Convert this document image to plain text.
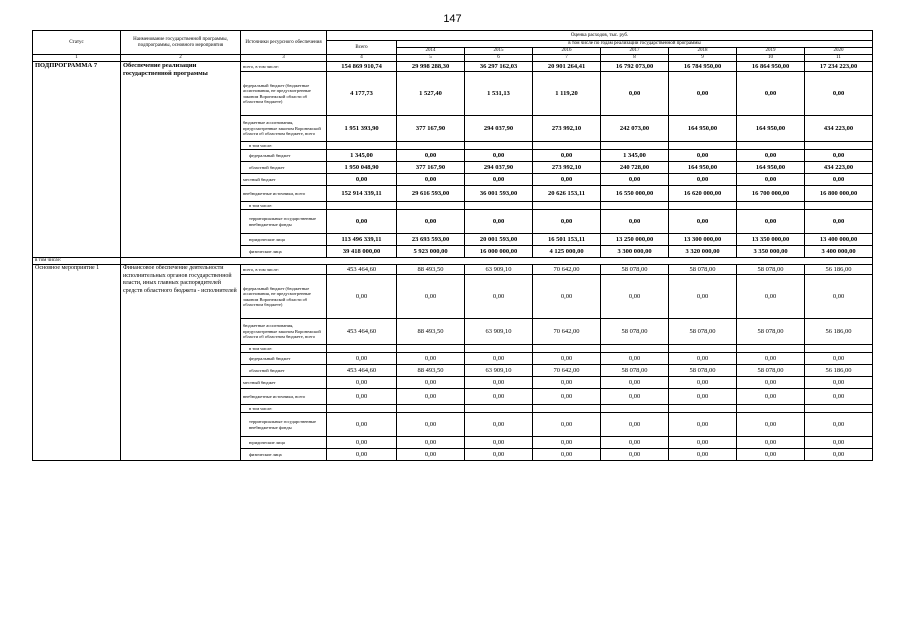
147
Статус	Наименование государственной программы, подпрограммы, основного мероприятия	Источники ресурсного обеспечения	Оценка расходов, тыс. руб.							
			Всего	в том числе по годам реализации государственной программы						
				2014	2015	2016	2017	2018	2019	2020
1	2	3	4	5	6	7	8	9	10	11
ПОДПРОГРАММА 7	Обеспечение реализации государственной программы	всего, в том числе:	154 869 910,74	29 998 288,30	36 297 162,03	20 901 264,41	16 792 073,00	16 784 950,00	16 864 950,00	17 234 223,00
		федеральный бюджет (бюджетные ассигнования, не предусмотренные законом Воронежской области об областном бюджете)	4 177,73	1 527,40	1 531,13	1 119,20	0,00	0,00	0,00	0,00
		бюджетные ассигнования, предусмотренные законом Воронежской области об областном бюджете, всего	1 951 393,90	377 167,90	294 037,90	273 992,10	242 073,00	164 950,00	164 950,00	434 223,00
		в том числе:								
		федеральный бюджет	1 345,00	0,00	0,00	0,00	1 345,00	0,00	0,00	0,00
		областной бюджет	1 950 048,90	377 167,90	294 037,90	273 992,10	240 728,00	164 950,00	164 950,00	434 223,00
		местный бюджет	0,00	0,00	0,00	0,00	0,00	0,00	0,00	0,00
		внебюджетные источники, всего	152 914 339,11	29 616 593,00	36 001 593,00	20 626 153,11	16 550 000,00	16 620 000,00	16 700 000,00	16 800 000,00
		в том числе:								
		территориальные государственные внебюджетные фонды	0,00	0,00	0,00	0,00	0,00	0,00	0,00	0,00
		юридические лица	113 496 339,11	23 693 593,00	20 001 593,00	16 501 153,11	13 250 000,00	13 300 000,00	13 350 000,00	13 400 000,00
		физические лица	39 418 000,00	5 923 000,00	16 000 000,00	4 125 000,00	3 300 000,00	3 320 000,00	3 350 000,00	3 400 000,00
в том числе:										
Основное мероприятие 1	Финансовое обеспечение деятельности исполнительных органов государственной власти, иных главных распорядителей средств областного бюджета - исполнителей	всего, в том числе:	453 464,60	88 493,50	63 909,10	70 642,00	58 078,00	58 078,00	58 078,00	56 186,00
		федеральный бюджет (бюджетные ассигнования, не предусмотренные законом Воронежской области об областном бюджете)	0,00	0,00	0,00	0,00	0,00	0,00	0,00	0,00
		бюджетные ассигнования, предусмотренные законом Воронежской области об областном бюджете, всего	453 464,60	88 493,50	63 909,10	70 642,00	58 078,00	58 078,00	58 078,00	56 186,00
		в том числе:								
		федеральный бюджет	0,00	0,00	0,00	0,00	0,00	0,00	0,00	0,00
		областной бюджет	453 464,60	88 493,50	63 909,10	70 642,00	58 078,00	58 078,00	58 078,00	56 186,00
		местный бюджет	0,00	0,00	0,00	0,00	0,00	0,00	0,00	0,00
		внебюджетные источники, всего	0,00	0,00	0,00	0,00	0,00	0,00	0,00	0,00
		в том числе:								
		территориальные государственные внебюджетные фонды	0,00	0,00	0,00	0,00	0,00	0,00	0,00	0,00
		юридические лица	0,00	0,00	0,00	0,00	0,00	0,00	0,00	0,00
		физические лица	0,00	0,00	0,00	0,00	0,00	0,00	0,00	0,00
